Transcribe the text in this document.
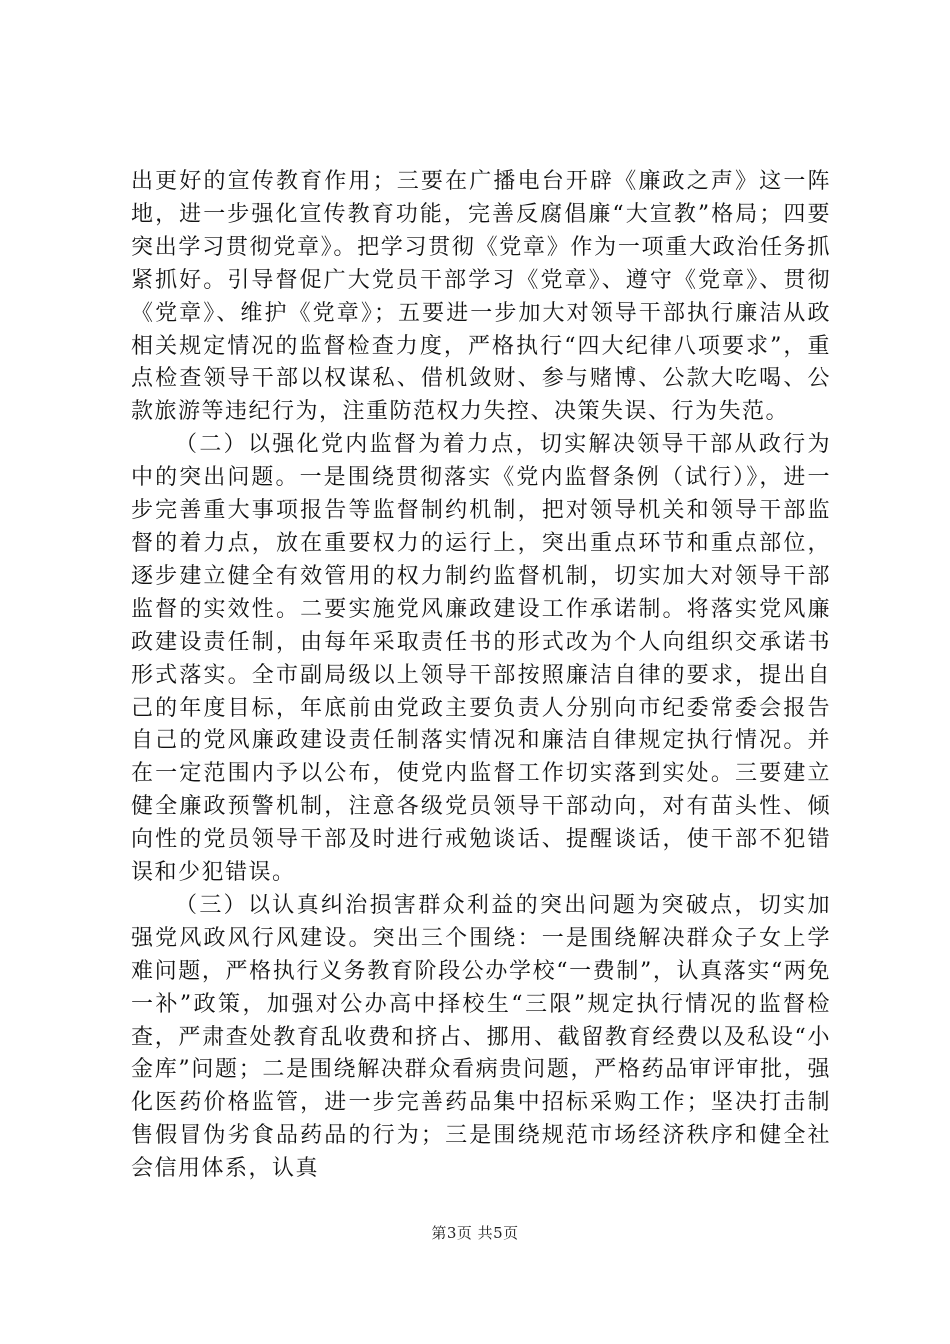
出更好的宣传教育作用；三要在广播电台开辟《廉政之声》这一阵地，进一步强化宣传教育功能，完善反腐倡廉“大宣教”格局；四要突出学习贯彻党章》。把学习贯彻《党章》作为一项重大政治任务抓紧抓好。引导督促广大党员干部学习《党章》、遵守《党章》、贯彻《党章》、维护《党章》；五要进一步加大对领导干部执行廉洁从政相关规定情况的监督检查力度，严格执行“四大纪律八项要求”，重点检查领导干部以权谋私、借机敛财、参与赌博、公款大吃喝、公款旅游等违纪行为，注重防范权力失控、决策失误、行为失范。

（二）以强化党内监督为着力点，切实解决领导干部从政行为中的突出问题。一是围绕贯彻落实《党内监督条例（试行）》，进一步完善重大事项报告等监督制约机制，把对领导机关和领导干部监督的着力点，放在重要权力的运行上，突出重点环节和重点部位，逐步建立健全有效管用的权力制约监督机制，切实加大对领导干部监督的实效性。二要实施党风廉政建设工作承诺制。将落实党风廉政建设责任制，由每年采取责任书的形式改为个人向组织交承诺书形式落实。全市副局级以上领导干部按照廉洁自律的要求，提出自己的年度目标，年底前由党政主要负责人分别向市纪委常委会报告自己的党风廉政建设责任制落实情况和廉洁自律规定执行情况。并在一定范围内予以公布，使党内监督工作切实落到实处。三要建立健全廉政预警机制，注意各级党员领导干部动向，对有苗头性、倾向性的党员领导干部及时进行戒勉谈话、提醒谈话，使干部不犯错误和少犯错误。

（三）以认真纠治损害群众利益的突出问题为突破点，切实加强党风政风行风建设。突出三个围绕：一是围绕解决群众子女上学难问题，严格执行义务教育阶段公办学校“一费制”，认真落实“两免一补”政策，加强对公办高中择校生“三限”规定执行情况的监督检查，严肃查处教育乱收费和挤占、挪用、截留教育经费以及私设“小金库”问题；二是围绕解决群众看病贵问题，严格药品审评审批，强化医药价格监管，进一步完善药品集中招标采购工作；坚决打击制售假冒伪劣食品药品的行为；三是围绕规范市场经济秩序和健全社会信用体系，认真

第3页 共5页
